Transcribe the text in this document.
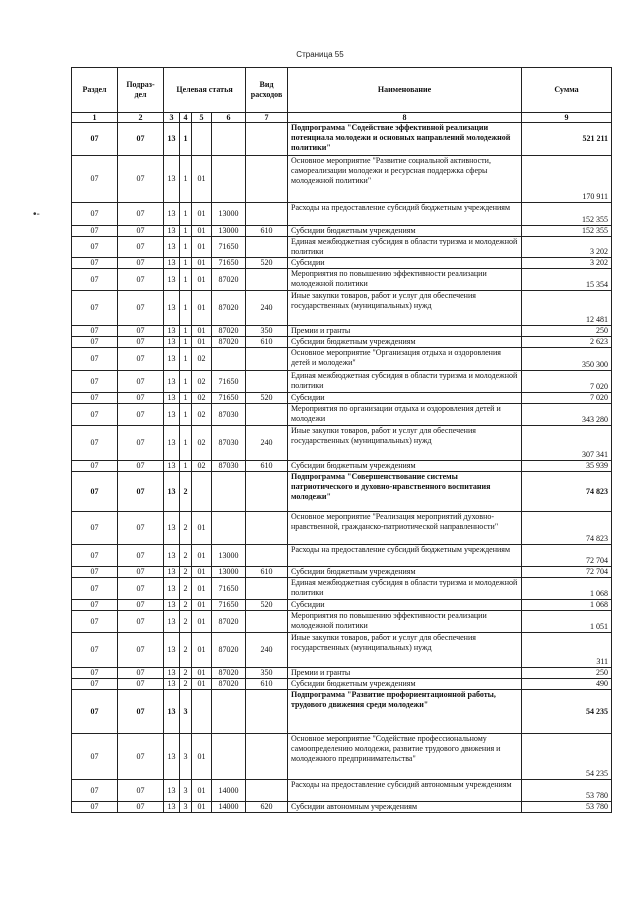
Страница 55
•-
Раздел	Подраз-дел	Целевая статья				Вид расходов	Наименование	Сумма
1	2	3	4	5	6	7	8	9
07	07	13	1				Подпрограмма "Содействие эффективной реализации потенциала молодежи и основных направлений молодежной политики"	521 211
07	07	13	1	01			Основное мероприятие "Развитие социальной активности, самореализации молодежи и ресурсная поддержка сферы молодежной политики"	170 911
07	07	13	1	01	13000		Расходы на предоставление субсидий бюджетным учреждениям	152 355
07	07	13	1	01	13000	610	Субсидии бюджетным учреждениям	152 355
07	07	13	1	01	71650		Единая межбюджетная субсидия в области туризма и молодежной политики	3 202
07	07	13	1	01	71650	520	Субсидии	3 202
07	07	13	1	01	87020		Мероприятия по повышению эффективности реализации молодежной политики	15 354
07	07	13	1	01	87020	240	Иные закупки товаров, работ и услуг для обеспечения государственных (муниципальных) нужд	12 481
07	07	13	1	01	87020	350	Премии и гранты	250
07	07	13	1	01	87020	610	Субсидии бюджетным учреждениям	2 623
07	07	13	1	02			Основное мероприятие "Организация отдыха и оздоровления детей и молодежи"	350 300
07	07	13	1	02	71650		Единая межбюджетная субсидия в области туризма и молодежной политики	7 020
07	07	13	1	02	71650	520	Субсидии	7 020
07	07	13	1	02	87030		Мероприятия по организации отдыха и оздоровления детей и молодежи	343 280
07	07	13	1	02	87030	240	Иные закупки товаров, работ и услуг для обеспечения государственных (муниципальных) нужд	307 341
07	07	13	1	02	87030	610	Субсидии бюджетным учреждениям	35 939
07	07	13	2				Подпрограмма "Совершенствование системы патриотического и духовно-нравственного воспитания молодежи"	74 823
07	07	13	2	01			Основное мероприятие "Реализация мероприятий духовно-нравственной, гражданско-патриотической направленности"	74 823
07	07	13	2	01	13000		Расходы на предоставление субсидий бюджетным учреждениям	72 704
07	07	13	2	01	13000	610	Субсидии бюджетным учреждениям	72 704
07	07	13	2	01	71650		Единая межбюджетная субсидия в области туризма и молодежной политики	1 068
07	07	13	2	01	71650	520	Субсидии	1 068
07	07	13	2	01	87020		Мероприятия по повышению эффективности реализации молодежной политики	1 051
07	07	13	2	01	87020	240	Иные закупки товаров, работ и услуг для обеспечения государственных (муниципальных) нужд	311
07	07	13	2	01	87020	350	Премии и гранты	250
07	07	13	2	01	87020	610	Субсидии бюджетным учреждениям	490
07	07	13	3				Подпрограмма "Развитие профориентационной работы, трудового движения среди молодежи"	54 235
07	07	13	3	01			Основное мероприятие "Содействие профессиональному самоопределению молодежи, развитие трудового движения и молодежного предпринимательства"	54 235
07	07	13	3	01	14000		Расходы на предоставление субсидий автономным учреждениям	53 780
07	07	13	3	01	14000	620	Субсидии автономным учреждениям	53 780
